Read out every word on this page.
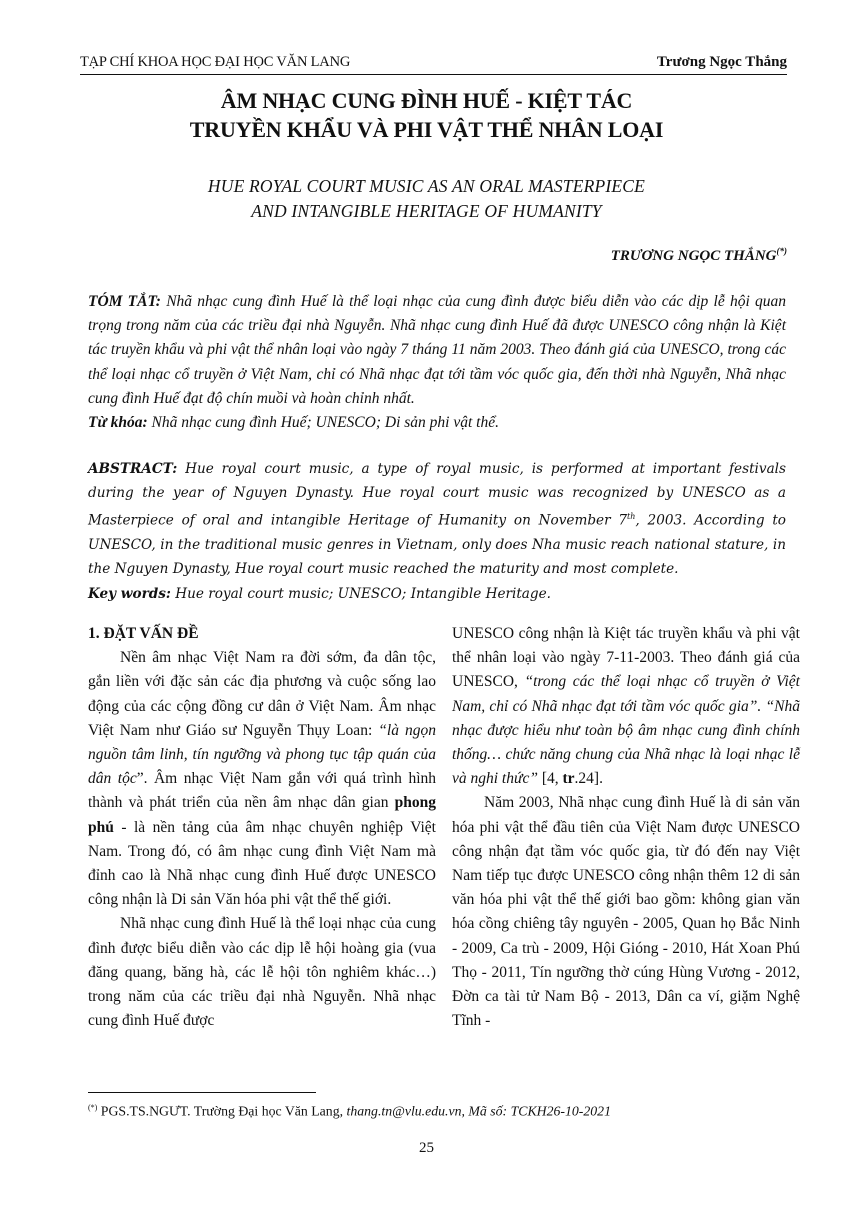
TẠP CHÍ KHOA HỌC ĐẠI HỌC VĂN LANG	Trương Ngọc Thắng
ÂM NHẠC CUNG ĐÌNH HUẾ - KIỆT TÁC
TRUYỀN KHẨU VÀ PHI VẬT THỂ NHÂN LOẠI
HUE ROYAL COURT MUSIC AS AN ORAL MASTERPIECE
AND INTANGIBLE HERITAGE OF HUMANITY
TRƯƠNG NGỌC THẮNG(*)

TÓM TẮT: Nhã nhạc cung đình Huế là thể loại nhạc của cung đình được biểu diễn vào các dịp lễ hội quan trọng trong năm của các triều đại nhà Nguyễn. Nhã nhạc cung đình Huế đã được UNESCO công nhận là Kiệt tác truyền khẩu và phi vật thể nhân loại vào ngày 7 tháng 11 năm 2003. Theo đánh giá của UNESCO, trong các thể loại nhạc cổ truyền ở Việt Nam, chỉ có Nhã nhạc đạt tới tầm vóc quốc gia, đến thời nhà Nguyễn, Nhã nhạc cung đình Huế đạt độ chín muồi và hoàn chỉnh nhất.

Từ khóa: Nhã nhạc cung đình Huế; UNESCO; Di sản phi vật thể.

ABSTRACT: Hue royal court music, a type of royal music, is performed at important festivals during the year of Nguyen Dynasty. Hue royal court music was recognized by UNESCO as a Masterpiece of oral and intangible Heritage of Humanity on November 7th, 2003. According to UNESCO, in the traditional music genres in Vietnam, only does Nha music reach national stature, in the Nguyen Dynasty, Hue royal court music reached the maturity and most complete.

Key words: Hue royal court music; UNESCO; Intangible Heritage.

1. ĐẶT VẤN ĐỀ

Nền âm nhạc Việt Nam ra đời sớm, đa dân tộc, gắn liền với đặc sản các địa phương và cuộc sống lao động của các cộng đồng cư dân ở Việt Nam. Âm nhạc Việt Nam như Giáo sư Nguyễn Thụy Loan: “là ngọn nguồn tâm linh, tín ngưỡng và phong tục tập quán của dân tộc”. Âm nhạc Việt Nam gắn với quá trình hình thành và phát triển của nền âm nhạc dân gian phong phú - là nền tảng của âm nhạc chuyên nghiệp Việt Nam. Trong đó, có âm nhạc cung đình Việt Nam mà đỉnh cao là Nhã nhạc cung đình Huế được UNESCO công nhận là Di sản Văn hóa phi vật thể thế giới.

Nhã nhạc cung đình Huế là thể loại nhạc của cung đình được biểu diễn vào các dịp lễ hội hoàng gia (vua đăng quang, băng hà, các lễ hội tôn nghiêm khác…) trong năm của các triều đại nhà Nguyễn. Nhã nhạc cung đình Huế được

UNESCO công nhận là Kiệt tác truyền khẩu và phi vật thể nhân loại vào ngày 7-11-2003. Theo đánh giá của UNESCO, “trong các thể loại nhạc cổ truyền ở Việt Nam, chỉ có Nhã nhạc đạt tới tầm vóc quốc gia”. “Nhã nhạc được hiểu như toàn bộ âm nhạc cung đình chính thống… chức năng chung của Nhã nhạc là loại nhạc lễ và nghi thức” [4, tr.24].

Năm 2003, Nhã nhạc cung đình Huế là di sản văn hóa phi vật thể đầu tiên của Việt Nam được UNESCO công nhận đạt tầm vóc quốc gia, từ đó đến nay Việt Nam tiếp tục được UNESCO công nhận thêm 12 di sản văn hóa phi vật thể thế giới bao gồm: không gian văn hóa cồng chiêng tây nguyên - 2005, Quan họ Bắc Ninh - 2009, Ca trù - 2009, Hội Gióng - 2010, Hát Xoan Phú Thọ - 2011, Tín ngưỡng thờ cúng Hùng Vương - 2012, Đờn ca tài tử Nam Bộ - 2013, Dân ca ví, giặm Nghệ Tĩnh -

(*) PGS.TS.NGƯT. Trường Đại học Văn Lang, thang.tn@vlu.edu.vn, Mã số: TCKH26-10-2021
25
